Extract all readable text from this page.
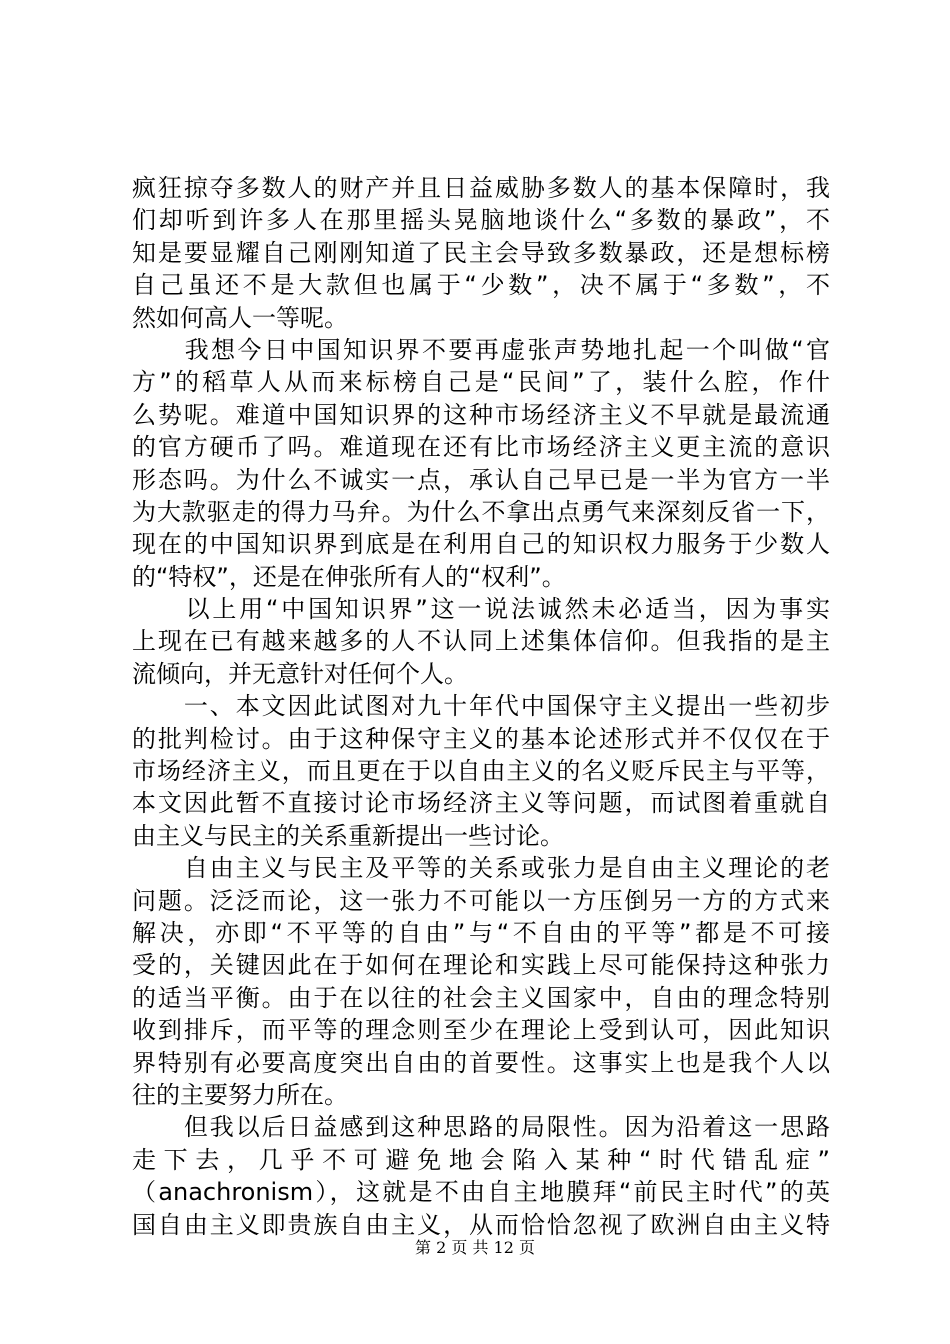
疯狂掠夺多数人的财产并且日益威胁多数人的基本保障时，我
们却听到许多人在那里摇头晃脑地谈什么“多数的暴政”，不
知是要显耀自己刚刚知道了民主会导致多数暴政，还是想标榜
自己虽还不是大款但也属于“少数”，决不属于“多数”，不
然如何高人一等呢。
　　我想今日中国知识界不要再虚张声势地扎起一个叫做“官
方”的稻草人从而来标榜自己是“民间”了，装什么腔，作什
么势呢。难道中国知识界的这种市场经济主义不早就是最流通
的官方硬币了吗。难道现在还有比市场经济主义更主流的意识
形态吗。为什么不诚实一点，承认自己早已是一半为官方一半
为大款驱走的得力马弁。为什么不拿出点勇气来深刻反省一下，
现在的中国知识界到底是在利用自己的知识权力服务于少数人
的“特权”，还是在伸张所有人的“权利”。
　　以上用“中国知识界”这一说法诚然未必适当，因为事实
上现在已有越来越多的人不认同上述集体信仰。但我指的是主
流倾向，并无意针对任何个人。
　　一、本文因此试图对九十年代中国保守主义提出一些初步
的批判检讨。由于这种保守主义的基本论述形式并不仅仅在于
市场经济主义，而且更在于以自由主义的名义贬斥民主与平等，
本文因此暂不直接讨论市场经济主义等问题，而试图着重就自
由主义与民主的关系重新提出一些讨论。
　　自由主义与民主及平等的关系或张力是自由主义理论的老
问题。泛泛而论，这一张力不可能以一方压倒另一方的方式来
解决，亦即“不平等的自由”与“不自由的平等”都是不可接
受的，关键因此在于如何在理论和实践上尽可能保持这种张力
的适当平衡。由于在以往的社会主义国家中，自由的理念特别
收到排斥，而平等的理念则至少在理论上受到认可，因此知识
界特别有必要高度突出自由的首要性。这事实上也是我个人以
往的主要努力所在。
　　但我以后日益感到这种思路的局限性。因为沿着这一思路
走下去，几乎不可避免地会陷入某种“时代错乱症”
（anachronism），这就是不由自主地膜拜“前民主时代”的英
国自由主义即贵族自由主义，从而恰恰忽视了欧洲自由主义特
第 2 页 共 12 页
